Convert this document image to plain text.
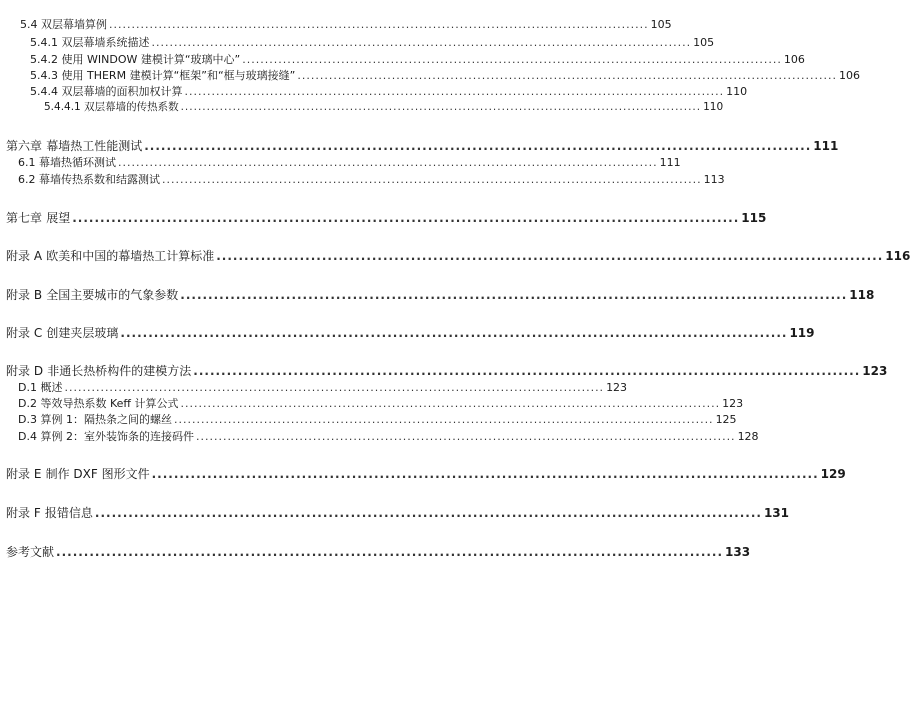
5.4
双层幕墙算例 ........................................................................................................................ 105
5.4.1
双层幕墙系统描述 ........................................................................................................................ 105
5.4.2
使用 WINDOW 建模计算“玻璃中心” ........................................................................................................................ 106
5.4.3
使用 THERM 建模计算“框架”和“框与玻璃接缝” ........................................................................................................................ 106
5.4.4
双层幕墙的面积加权计算 ........................................................................................................................ 110
5.4.4.1
双层幕墙的传热系数 ........................................................................................................................ 110
第六章
幕墙热工性能测试 ........................................................................................................................ 111
6.1
幕墙热循环测试 ........................................................................................................................ 111
6.2
幕墙传热系数和结露测试 ........................................................................................................................ 113
第七章
展望 ........................................................................................................................ 115
附录 A
欧美和中国的幕墙热工计算标准 ........................................................................................................................ 116
附录 B
全国主要城市的气象参数 ........................................................................................................................ 118
附录 C
创建夹层玻璃 ........................................................................................................................ 119
附录 D
非通长热桥构件的建模方法 ........................................................................................................................ 123
D.1
概述 ........................................................................................................................ 123
D.2
等效导热系数 Keff 计算公式 ........................................................................................................................ 123
D.3
算例 1：隔热条之间的螺丝 ........................................................................................................................ 125
D.4
算例 2：室外装饰条的连接码件 ........................................................................................................................ 128
附录 E
制作 DXF 图形文件 ........................................................................................................................ 129
附录 F
报错信息 ........................................................................................................................ 131
参考文献 ........................................................................................................................ 133
